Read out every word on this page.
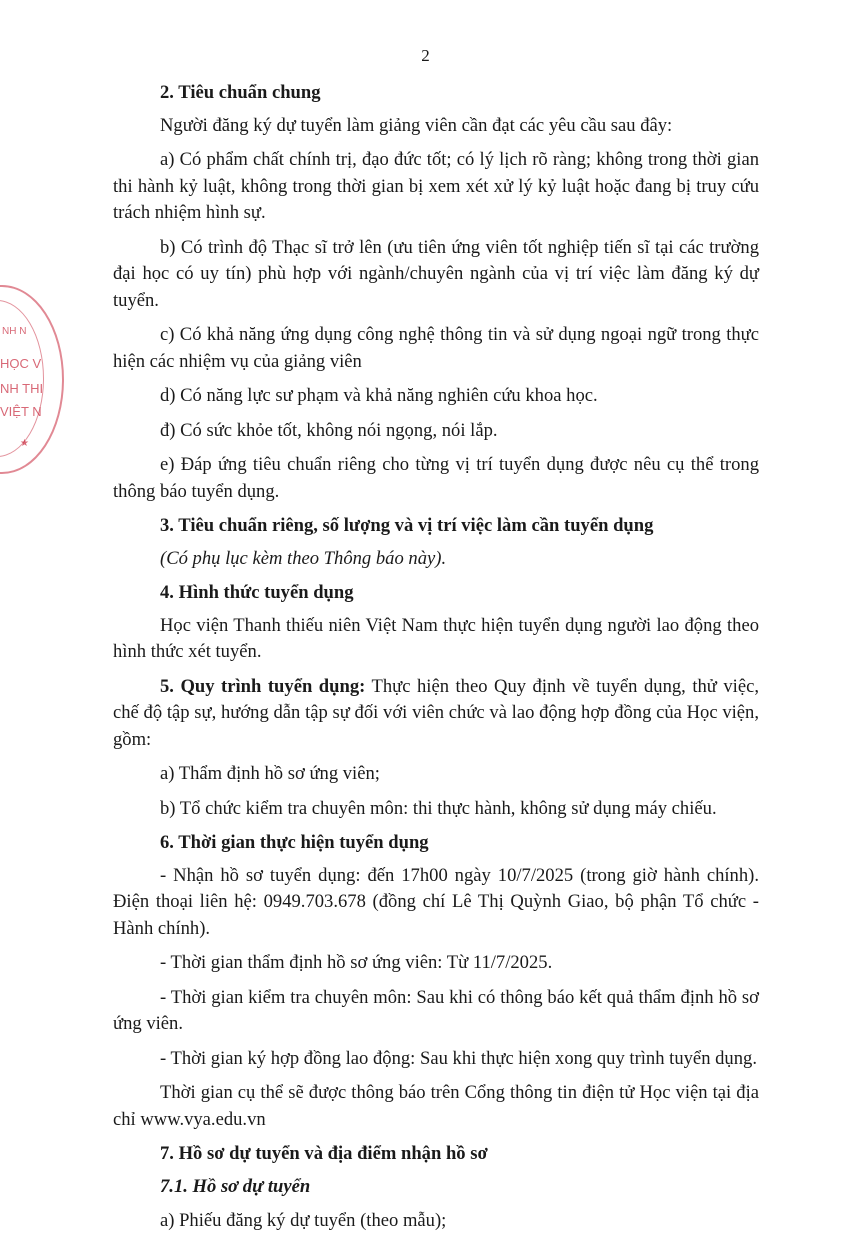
2
NH N
HỌC V
NH THI
VIỆT N
★

2. Tiêu chuẩn chung

Người đăng ký dự tuyển làm giảng viên cần đạt các yêu cầu sau đây:

a) Có phẩm chất chính trị, đạo đức tốt; có lý lịch rõ ràng; không trong thời gian thi hành kỷ luật, không trong thời gian bị xem xét xử lý kỷ luật hoặc đang bị truy cứu trách nhiệm hình sự.

b) Có trình độ Thạc sĩ trở lên (ưu tiên ứng viên tốt nghiệp tiến sĩ tại các trường đại học có uy tín) phù hợp với ngành/chuyên ngành của vị trí việc làm đăng ký dự tuyển.

c) Có khả năng ứng dụng công nghệ thông tin và sử dụng ngoại ngữ trong thực hiện các nhiệm vụ của giảng viên

d) Có năng lực sư phạm và khả năng nghiên cứu khoa học.

đ) Có sức khỏe tốt, không nói ngọng, nói lắp.

e) Đáp ứng tiêu chuẩn riêng cho từng vị trí tuyển dụng được nêu cụ thể trong thông báo tuyển dụng.

3. Tiêu chuẩn riêng, số lượng và vị trí việc làm cần tuyển dụng

(Có phụ lục kèm theo Thông báo này).

4. Hình thức tuyển dụng

Học viện Thanh thiếu niên Việt Nam thực hiện tuyển dụng người lao động theo hình thức xét tuyển.

5. Quy trình tuyển dụng: Thực hiện theo Quy định về tuyển dụng, thử việc, chế độ tập sự, hướng dẫn tập sự đối với viên chức và lao động hợp đồng của Học viện, gồm:

a) Thẩm định hồ sơ ứng viên;

b) Tổ chức kiểm tra chuyên môn: thi thực hành, không sử dụng máy chiếu.

6. Thời gian thực hiện tuyển dụng

- Nhận hồ sơ tuyển dụng: đến 17h00 ngày 10/7/2025 (trong giờ hành chính). Điện thoại liên hệ: 0949.703.678 (đồng chí Lê Thị Quỳnh Giao, bộ phận Tổ chức - Hành chính).

- Thời gian thẩm định hồ sơ ứng viên: Từ 11/7/2025.

- Thời gian kiểm tra chuyên môn: Sau khi có thông báo kết quả thẩm định hồ sơ ứng viên.

- Thời gian ký hợp đồng lao động: Sau khi thực hiện xong quy trình tuyển dụng.

Thời gian cụ thể sẽ được thông báo trên Cổng thông tin điện tử Học viện tại địa chỉ www.vya.edu.vn

7. Hồ sơ dự tuyển và địa điểm nhận hồ sơ

7.1. Hồ sơ dự tuyển

a) Phiếu đăng ký dự tuyển (theo mẫu);
